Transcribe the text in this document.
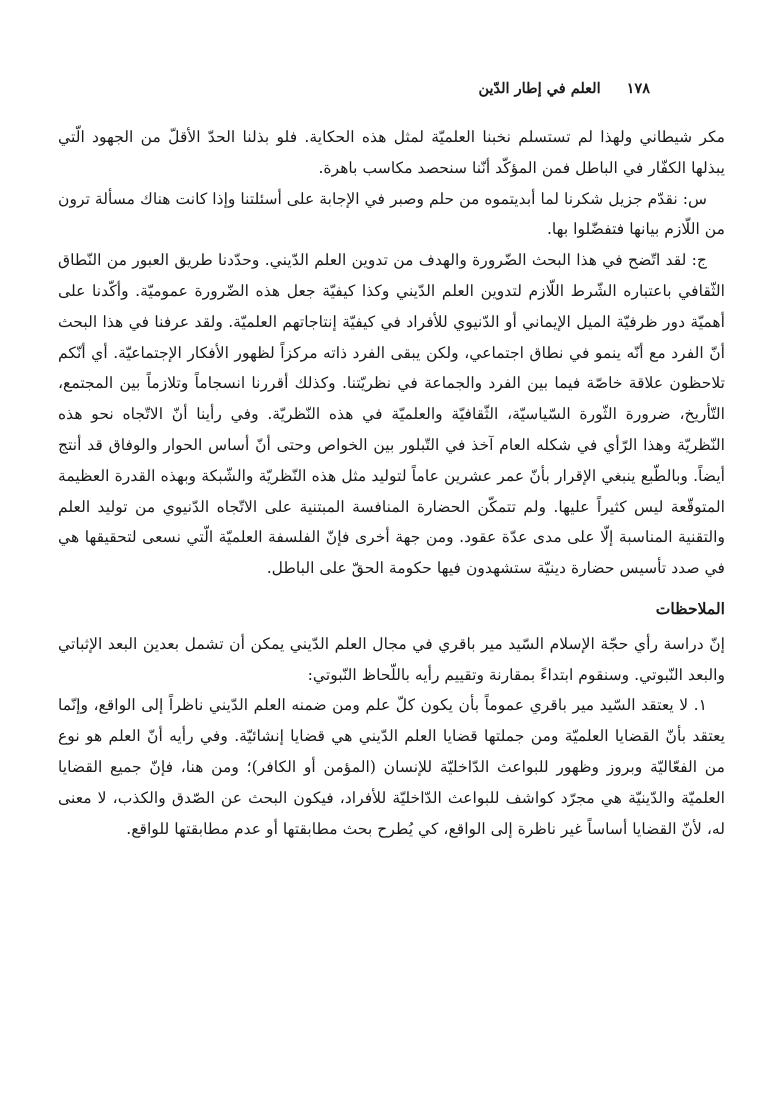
١٧٨
العلم في إطار الدّين

مكر شيطاني ولهذا لم تستسلم نخبنا العلميّة لمثل هذه الحكاية. فلو بذلنا الحدّ الأقلّ من الجهود الّتي يبذلها الكفّار في الباطل فمن المؤكّد أنّنا سنحصد مكاسب باهرة.

س: نقدّم جزيل شكرنا لما أبديتموه من حلم وصبر في الإجابة على أسئلتنا وإذا كانت هناك مسألة ترون من اللّازم بيانها فتفضّلوا بها.

ج: لقد اتّضح في هذا البحث الضّرورة والهدف من تدوين العلم الدّيني. وحدّدنا طريق العبور من النّطاق الثّقافي باعتباره الشّرط اللّازم لتدوين العلم الدّيني وكذا كيفيّة جعل هذه الضّرورة عموميّة. وأكّدنا على أهميّة دور ظرفيّة الميل الإيماني أو الدّنيوي للأفراد في كيفيّة إنتاجاتهم العلميّة. ولقد عرفنا في هذا البحث أنّ الفرد مع أنّه ينمو في نطاق اجتماعي، ولكن يبقى الفرد ذاته مركزاً لظهور الأفكار الإجتماعيّة. أي أنّكم تلاحظون علاقة خاصّة فيما بين الفرد والجماعة في نظريّتنا. وكذلك أقررنا انسجاماً وتلازماً بين المجتمع، التّأريخ، ضرورة الثّورة السّياسيّة، الثّقافيّة والعلميّة في هذه النّظريّة. وفي رأينا أنّ الاتّجاه نحو هذه النّظريّة وهذا الرّأي في شكله العام آخذ في التّبلور بين الخواص وحتى أنّ أساس الحوار والوفاق قد أنتج أيضاً. وبالطّبع ينبغي الإقرار بأنّ عمر عشرين عاماً لتوليد مثل هذه النّظريّة والشّبكة وبهذه القدرة العظيمة المتوقّعة ليس كثيراً عليها. ولم تتمكّن الحضارة المنافسة المبتنية على الاتّجاه الدّنيوي من توليد العلم والتقنية المناسبة إلّا على مدى عدّة عقود. ومن جهة أخرى فإنّ الفلسفة العلميّة الّتي نسعى لتحقيقها هي في صدد تأسيس حضارة دينيّة ستشهدون فيها حكومة الحقّ على الباطل.

الملاحظات

إنّ دراسة رأي حجّة الإسلام السّيد مير باقري في مجال العلم الدّيني يمكن أن تشمل بعدين البعد الإثباتي والبعد النّبوتي. وسنقوم ابتداءً بمقارنة وتقييم رأيه باللّحاظ النّبوتي:

١. لا يعتقد السّيد مير باقري عموماً بأن يكون كلّ علم ومن ضمنه العلم الدّيني ناظراً إلى الواقع، وإنّما يعتقد بأنّ القضايا العلميّة ومن جملتها قضايا العلم الدّيني هي قضايا إنشائيّة. وفي رأيه أنّ العلم هو نوع من الفعّاليّة وبروز وظهور للبواعث الدّاخليّة للإنسان (المؤمن أو الكافر)؛ ومن هنا، فإنّ جميع القضايا العلميّة والدّينيّة هي مجرّد كواشف للبواعث الدّاخليّة للأفراد، فيكون البحث عن الصّدق والكذب، لا معنى له، لأنّ القضايا أساساً غير ناظرة إلى الواقع، كي يُطرح بحث مطابقتها أو عدم مطابقتها للواقع.
